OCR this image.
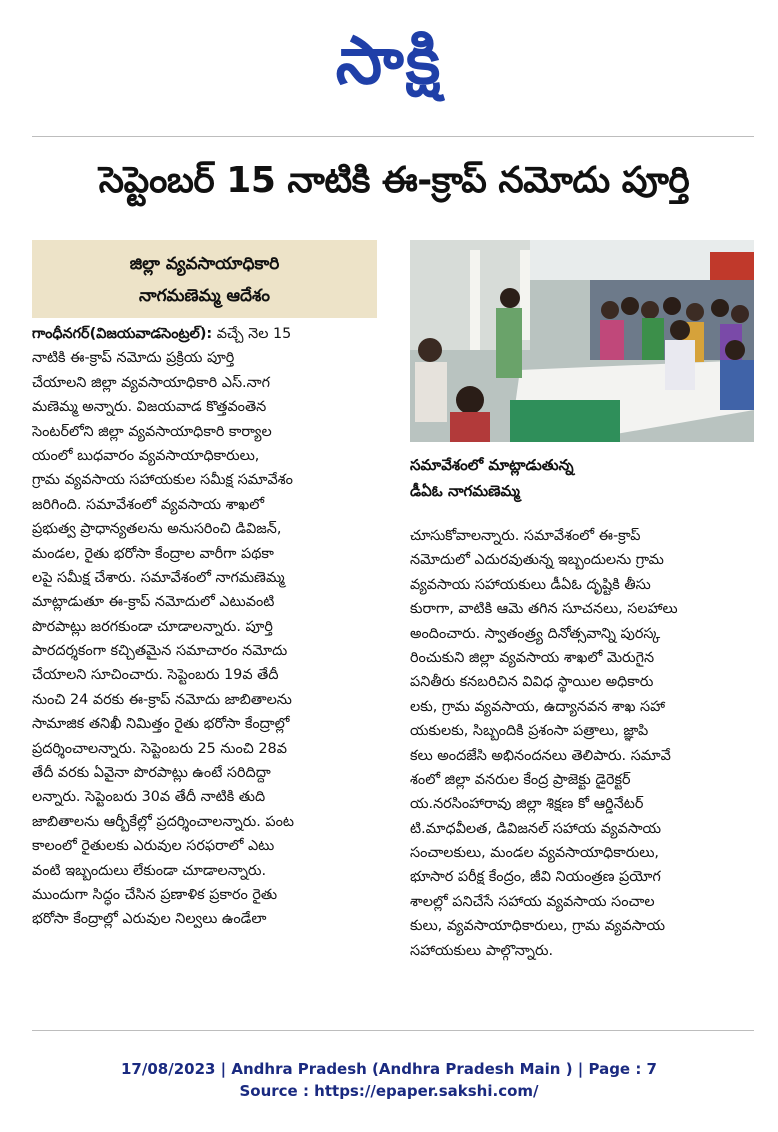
సాక్షి
సెప్టెంబర్ 15 నాటికి ఈ-క్రాప్ నమోదు పూర్తి
జిల్లా వ్యవసాయాధికారి
నాగమణెమ్మ ఆదేశం
గాంధీనగర్(విజయవాడసెంట్రల్): వచ్చే నెల 15
నాటికి ఈ-క్రాప్ నమోదు ప్రక్రియ పూర్తి
చేయాలని జిల్లా వ్యవసాయాధికారి ఎస్.నాగ
మణెమ్మ అన్నారు. విజయవాడ కొత్తవంతెన
సెంటర్‌లోని జిల్లా వ్యవసాయాధికారి కార్యాల
యంలో బుధవారం వ్యవసాయాధికారులు,
గ్రామ వ్యవసాయ సహాయకుల సమీక్ష సమావేశం
జరిగింది. సమావేశంలో వ్యవసాయ శాఖలో
ప్రభుత్వ ప్రాధాన్యతలను అనుసరించి డివిజన్,
మండల, రైతు భరోసా కేంద్రాల వారీగా పథకా
లపై సమీక్ష చేశారు. సమావేశంలో నాగమణెమ్మ
మాట్లాడుతూ ఈ-క్రాప్ నమోదులో ఎటువంటి
పొరపాట్లు జరగకుండా చూడాలన్నారు. పూర్తి
పారదర్శకంగా కచ్చితమైన సమాచారం నమోదు
చేయాలని సూచించారు. సెప్టెంబరు 19వ తేదీ
నుంచి 24 వరకు ఈ-క్రాప్ నమోదు జాబితాలను
సామాజిక తనిఖీ నిమిత్తం రైతు భరోసా కేంద్రాల్లో
ప్రదర్శించాలన్నారు. సెప్టెంబరు 25 నుంచి 28వ
తేదీ వరకు ఏవైనా పొరపాట్లు ఉంటే సరిదిద్దా
లన్నారు. సెప్టెంబరు 30వ తేదీ నాటికి తుది
జాబితాలను ఆర్బీకేల్లో ప్రదర్శించాలన్నారు. పంట
కాలంలో రైతులకు ఎరువుల సరఫరాలో ఎటు
వంటి ఇబ్బందులు లేకుండా చూడాలన్నారు.
ముందుగా సిద్ధం చేసిన ప్రణాళిక ప్రకారం రైతు
భరోసా కేంద్రాల్లో ఎరువుల నిల్వలు ఉండేలా
సమావేశంలో మాట్లాడుతున్న
డీఏఓ నాగమణెమ్మ
చూసుకోవాలన్నారు. సమావేశంలో ఈ-క్రాప్
నమోదులో ఎదురవుతున్న ఇబ్బందులను గ్రామ
వ్యవసాయ సహాయకులు డీఏఓ దృష్టికి తీసు
కురాగా, వాటికి ఆమె తగిన సూచనలు, సలహాలు
అందించారు. స్వాతంత్ర్య దినోత్సవాన్ని పురస్క
రించుకుని జిల్లా వ్యవసాయ శాఖలో మెరుగైన
పనితీరు కనబరిచిన వివిధ స్థాయిల అధికారు
లకు, గ్రామ వ్యవసాయ, ఉద్యానవన శాఖ సహా
యకులకు, సిబ్బందికి ప్రశంసా పత్రాలు, జ్ఞాపి
కలు అందజేసి అభినందనలు తెలిపారు. సమావే
శంలో జిల్లా వనరుల కేంద్ర ప్రాజెక్టు డైరెక్టర్
య.నరసింహారావు జిల్లా శిక్షణ కో ఆర్డినేటర్
టి.మాధవీలత, డివిజనల్ సహాయ వ్యవసాయ
సంచాలకులు, మండల వ్యవసాయాధికారులు,
భూసార పరీక్ష కేంద్రం, జీవి నియంత్రణ ప్రయోగ
శాలల్లో పనిచేసే సహాయ వ్యవసాయ సంచాల
కులు, వ్యవసాయాధికారులు, గ్రామ వ్యవసాయ
సహాయకులు పాల్గొన్నారు.
17/08/2023 | Andhra Pradesh (Andhra Pradesh Main ) | Page : 7
Source : https://epaper.sakshi.com/
